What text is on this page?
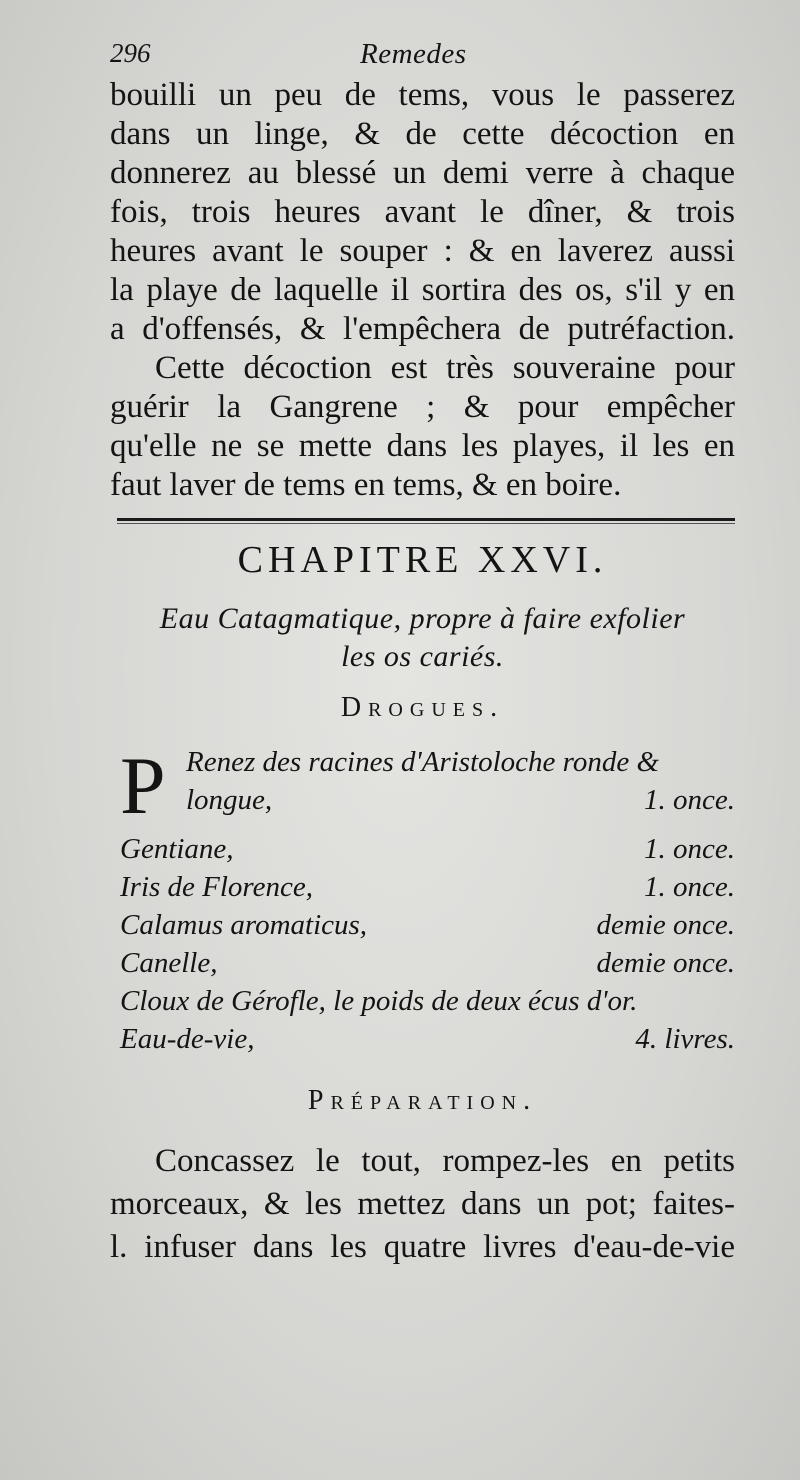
296	Remedes
bouilli un peu de tems, vous le passerez
dans un linge, & de cette décoction en
donnerez au blessé un demi verre à chaque
fois, trois heures avant le dîner, & trois
heures avant le souper : & en laverez aussi
la playe de laquelle il sortira des os, s'il y en
a d'offensés, & l'empêchera de putréfaction.
Cette décoction est très souveraine pour
guérir la Gangrene ; & pour empêcher
qu'elle ne se mette dans les playes, il les en
faut laver de tems en tems, & en boire.
CHAPITRE XXVI.
Eau Catagmatique, propre à faire exfolier
les os cariés.
Drogues.
P Renez des racines d'Aristoloche ronde &
longue,	1. once.
Gentiane,	1. once.
Iris de Florence,	1. once.
Calamus aromaticus,	demie once.
Canelle,	demie once.
Cloux de Gérofle, le poids de deux écus d'or.
Eau-de-vie,	4. livres.
Préparation.
Concassez le tout, rompez-les en petits
morceaux, & les mettez dans un pot; faites-
l. infuser dans les quatre livres d'eau-de-vie
